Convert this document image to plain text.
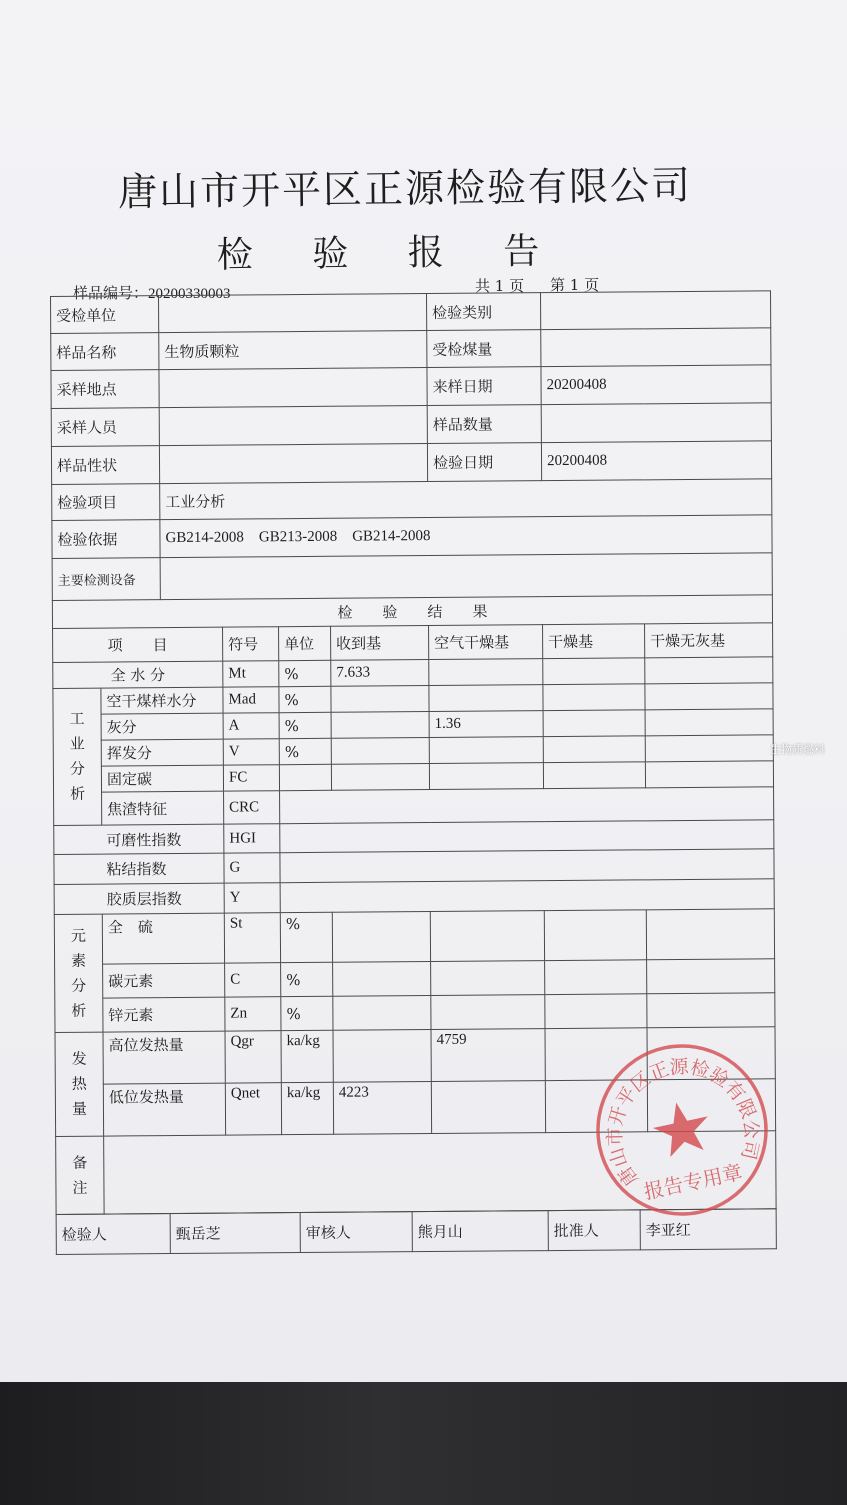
唐山市开平区正源检验有限公司
检 验 报 告
样品编号：20200330003	共 1 页 第 1 页
受检单位						检验类别		
样品名称		生物质颗粒				受检煤量		
采样地点						来样日期	20200408	
采样人员						样品数量		
样品性状						检验日期	20200408	
检验项目		工业分析						
检验依据		GB214-2008    GB213-2008    GB214-2008						
主要检测设备								
检　　验　　结　　果								
项　　目			符号	单位	收到基	空气干燥基	干燥基	干燥无灰基
全 水 分			Mt	%	7.633			

工业分析	空干煤样水分		Mad	%				
	灰分		A	%		1.36		
	挥发分		V	%				
	固定碳		FC					
	焦渣特征		CRC					
可磨性指数			HGI					
粘结指数			G					
胶质层指数			Y					

元素分析	全　硫		St	%				
	碳元素		C	%				
	锌元素		Zn	%				

发热量	高位发热量		Qgr	ka/kg		4759		
	低位发热量		Qnet	ka/kg	4223			

备注								

检验人	甄岳芝	审核人	熊月山	批准人	李亚红
唐山市开平区正源检验有限公司
报告专用章
生物质燃料
